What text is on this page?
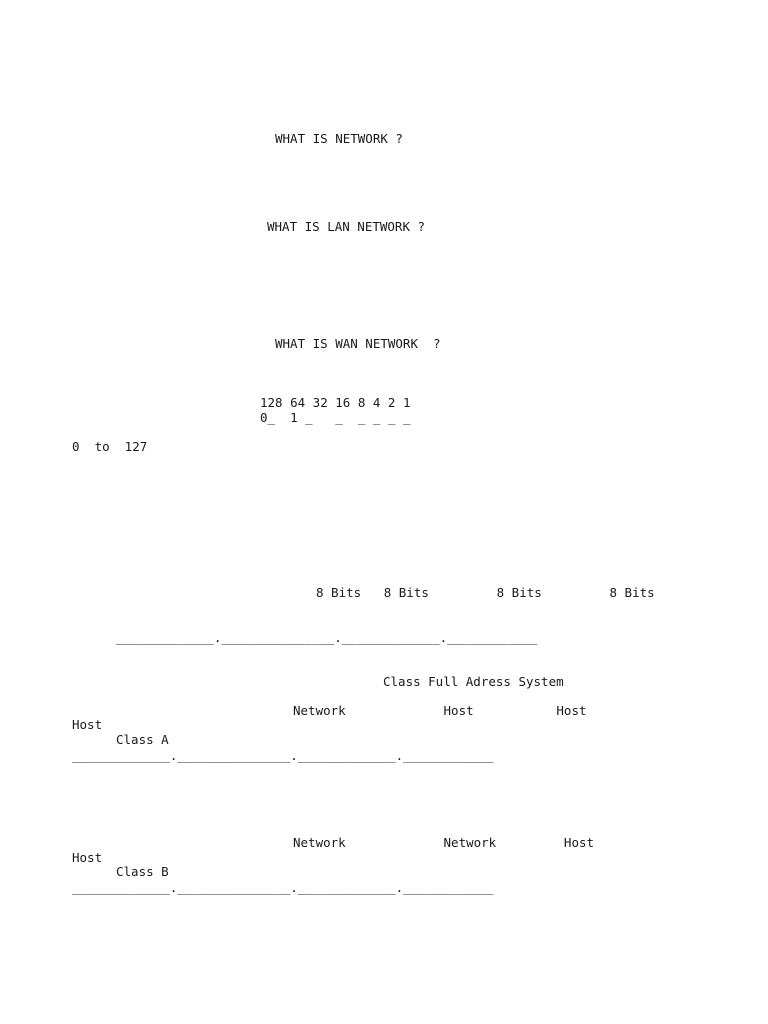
WHAT IS NETWORK ?
WHAT IS LAN NETWORK ?
WHAT IS WAN NETWORK  ?
128 64 32 16 8 4 2 1
0_  1 _   _  _ _ _ _
0  to  127
8 Bits   8 Bits         8 Bits         8 Bits
_____________._______________._____________.____________
Class Full Adress System
Network             Host           Host
Host
Class A
_____________._______________._____________.____________
Network             Network         Host
Host
Class B
_____________._______________._____________.____________
